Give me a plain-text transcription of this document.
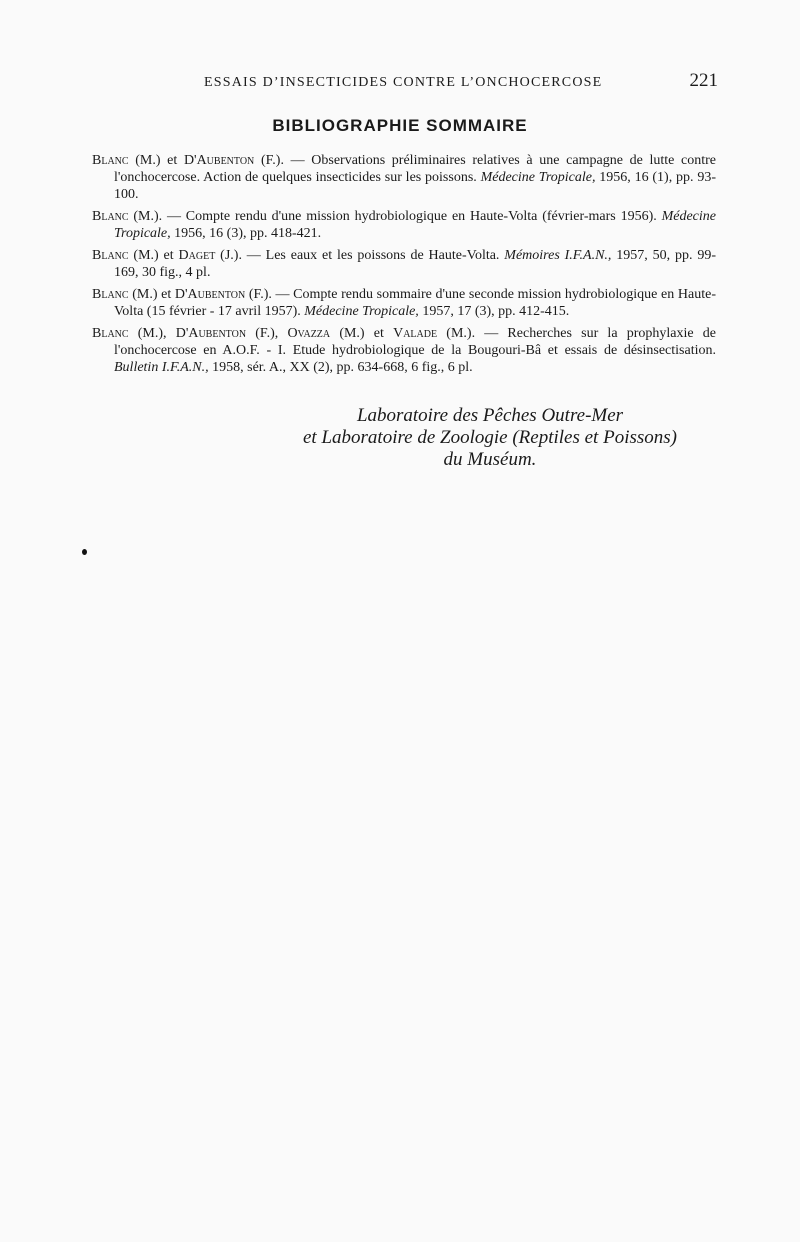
ESSAIS D’INSECTICIDES CONTRE L’ONCHOCERCOSE	221
BIBLIOGRAPHIE SOMMAIRE

Blanc (M.) et D'Aubenton (F.). — Observations préliminaires relatives à une campagne de lutte contre l'onchocercose. Action de quelques insecticides sur les poissons. Médecine Tropicale, 1956, 16 (1), pp. 93-100.

Blanc (M.). — Compte rendu d'une mission hydrobiologique en Haute-Volta (février-mars 1956). Médecine Tropicale, 1956, 16 (3), pp. 418-421.

Blanc (M.) et Daget (J.). — Les eaux et les poissons de Haute-Volta. Mémoires I.F.A.N., 1957, 50, pp. 99-169, 30 fig., 4 pl.

Blanc (M.) et D'Aubenton (F.). — Compte rendu sommaire d'une seconde mission hydrobiologique en Haute-Volta (15 février - 17 avril 1957). Médecine Tropicale, 1957, 17 (3), pp. 412-415.

Blanc (M.), D'Aubenton (F.), Ovazza (M.) et Valade (M.). — Recherches sur la prophylaxie de l'onchocercose en A.O.F. - I. Etude hydrobiologique de la Bougouri-Bâ et essais de désinsectisation. Bulletin I.F.A.N., 1958, sér. A., XX (2), pp. 634-668, 6 fig., 6 pl.

Laboratoire des Pêches Outre-Mer
et Laboratoire de Zoologie (Reptiles et Poissons)
du Muséum.
